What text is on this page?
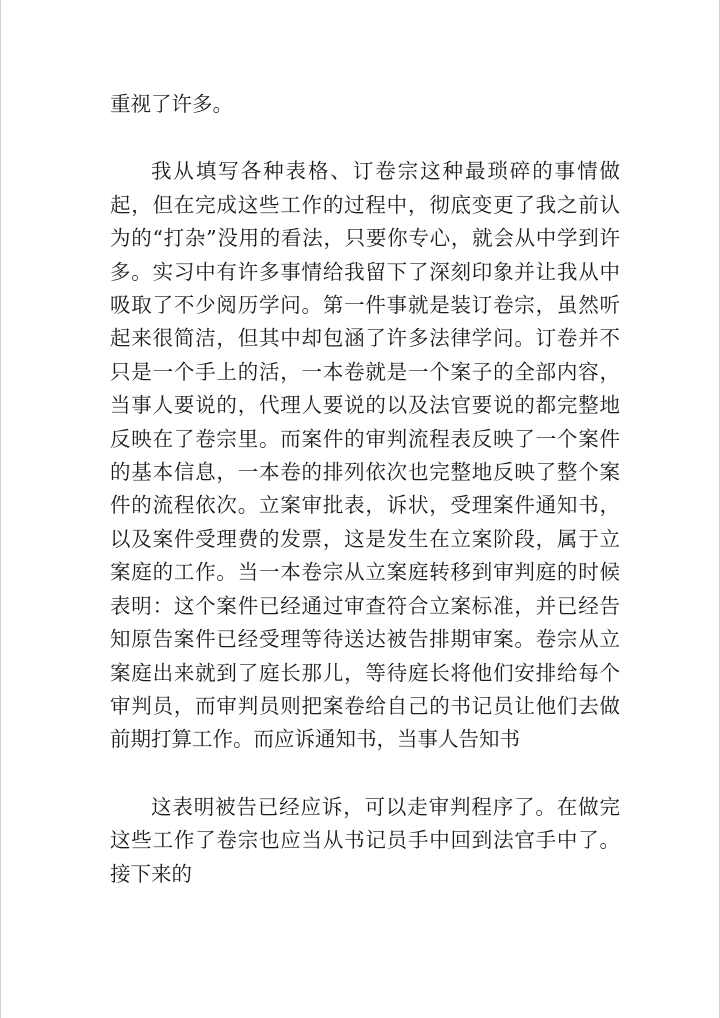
重视了许多。

我从填写各种表格、订卷宗这种最琐碎的事情做起，但在完成这些工作的过程中，彻底变更了我之前认为的“打杂”没用的看法，只要你专心，就会从中学到许多。实习中有许多事情给我留下了深刻印象并让我从中吸取了不少阅历学问。第一件事就是装订卷宗，虽然听起来很简洁，但其中却包涵了许多法律学问。订卷并不只是一个手上的活，一本卷就是一个案子的全部内容，当事人要说的，代理人要说的以及法官要说的都完整地反映在了卷宗里。而案件的审判流程表反映了一个案件的基本信息，一本卷的排列依次也完整地反映了整个案件的流程依次。立案审批表，诉状，受理案件通知书，以及案件受理费的发票，这是发生在立案阶段，属于立案庭的工作。当一本卷宗从立案庭转移到审判庭的时候表明：这个案件已经通过审查符合立案标准，并已经告知原告案件已经受理等待送达被告排期审案。卷宗从立案庭出来就到了庭长那儿，等待庭长将他们安排给每个审判员，而审判员则把案卷给自己的书记员让他们去做前期打算工作。而应诉通知书，当事人告知书

这表明被告已经应诉，可以走审判程序了。在做完这些工作了卷宗也应当从书记员手中回到法官手中了。接下来的
